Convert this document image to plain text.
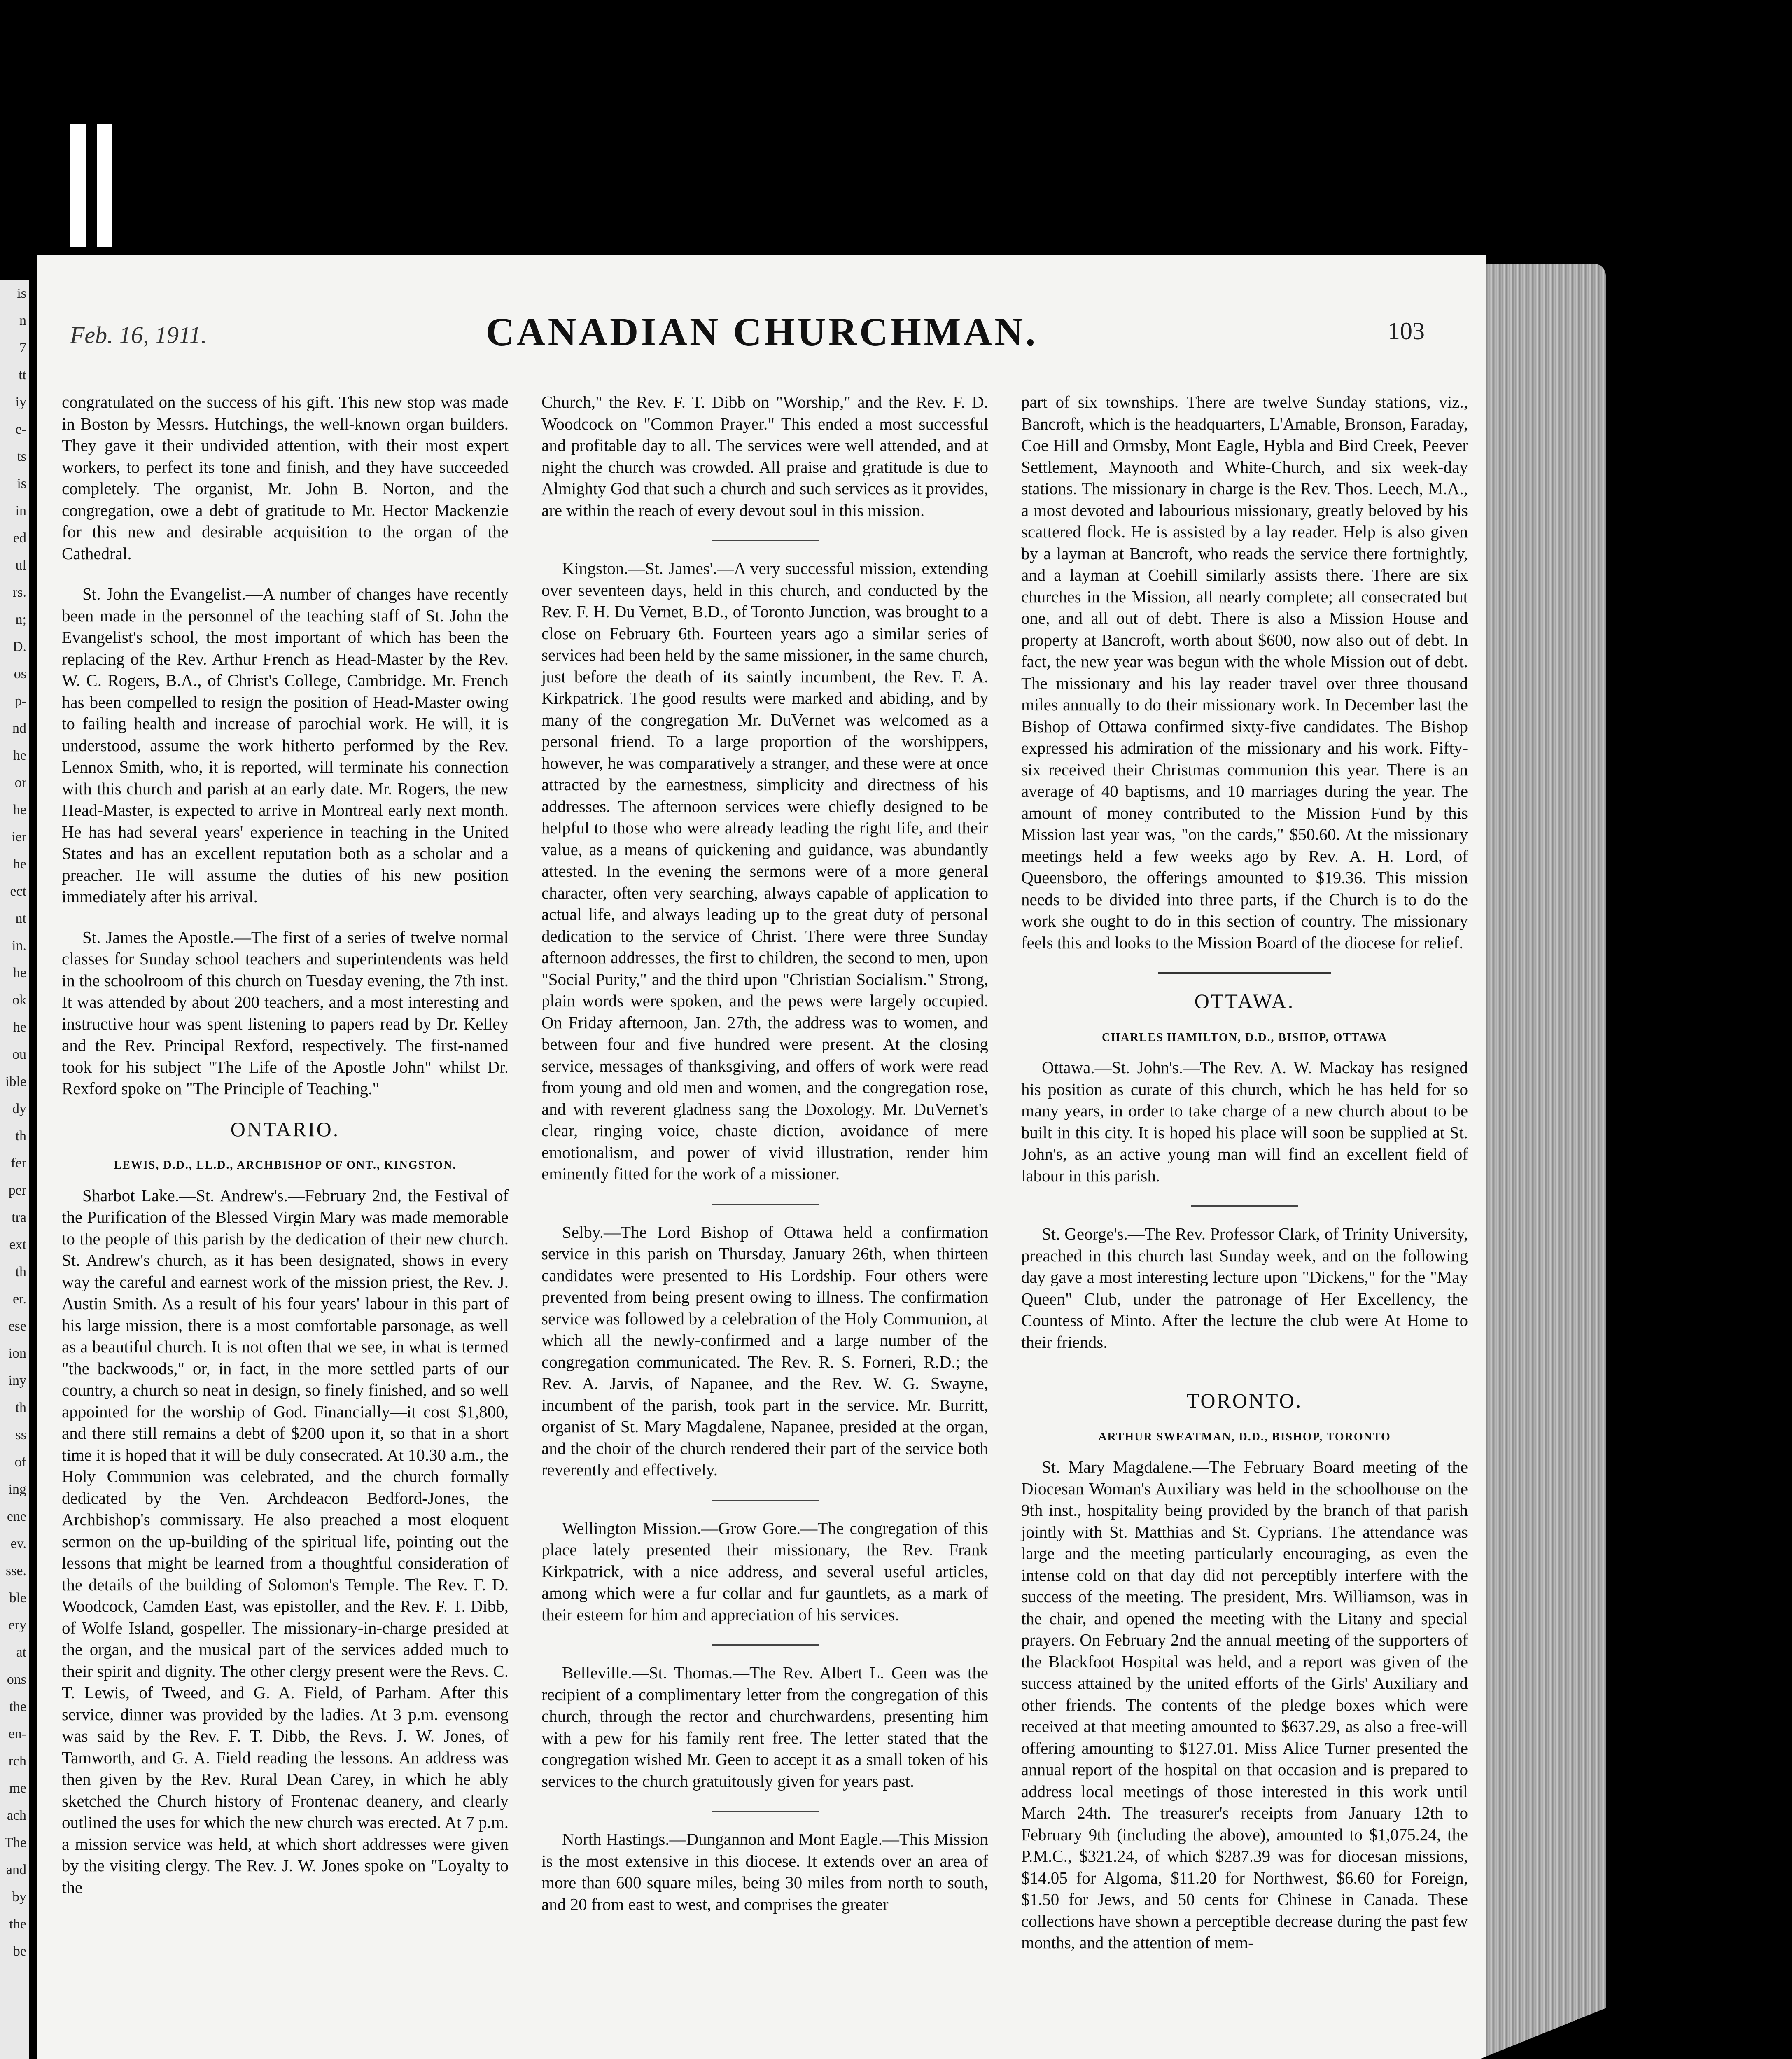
is
n
7
tt
iy
e-
ts
is
in
ed
ul
rs.
n;
D.
os
p-
nd
he
or
he
ier
he
ect
nt
in.
he
ok
he
ou
ible
dy
th
fer
per
tra
ext
th
er.
ese
ion
iny
th
ss
of
ing
ene
ev.
sse.
ble
ery
at
ons
the
en-
rch
me
ach
The
and
by
the
be
Feb. 16, 1911.	CANADIAN CHURCHMAN.	103

congratulated on the success of his gift. This new stop was made in Boston by Messrs. Hutchings, the well-known organ builders. They gave it their undivided attention, with their most expert workers, to perfect its tone and finish, and they have succeeded completely. The organist, Mr. John B. Norton, and the congregation, owe a debt of gratitude to Mr. Hector Mackenzie for this new and desirable acquisition to the organ of the Cathedral.

St. John the Evangelist.—A number of changes have recently been made in the personnel of the teaching staff of St. John the Evangelist's school, the most important of which has been the replacing of the Rev. Arthur French as Head-Master by the Rev. W. C. Rogers, B.A., of Christ's College, Cambridge. Mr. French has been compelled to resign the position of Head-Master owing to failing health and increase of parochial work. He will, it is understood, assume the work hitherto performed by the Rev. Lennox Smith, who, it is reported, will terminate his connection with this church and parish at an early date. Mr. Rogers, the new Head-Master, is expected to arrive in Montreal early next month. He has had several years' experience in teaching in the United States and has an excellent reputation both as a scholar and a preacher. He will assume the duties of his new position immediately after his arrival.

St. James the Apostle.—The first of a series of twelve normal classes for Sunday school teachers and superintendents was held in the schoolroom of this church on Tuesday evening, the 7th inst. It was attended by about 200 teachers, and a most interesting and instructive hour was spent listening to papers read by Dr. Kelley and the Rev. Principal Rexford, respectively. The first-named took for his subject "The Life of the Apostle John" whilst Dr. Rexford spoke on "The Principle of Teaching."

ONTARIO.
LEWIS, D.D., LL.D., ARCHBISHOP OF ONT., KINGSTON.

Sharbot Lake.—St. Andrew's.—February 2nd, the Festival of the Purification of the Blessed Virgin Mary was made memorable to the people of this parish by the dedication of their new church. St. Andrew's church, as it has been designated, shows in every way the careful and earnest work of the mission priest, the Rev. J. Austin Smith. As a result of his four years' labour in this part of his large mission, there is a most comfortable parsonage, as well as a beautiful church. It is not often that we see, in what is termed "the backwoods," or, in fact, in the more settled parts of our country, a church so neat in design, so finely finished, and so well appointed for the worship of God. Financially—it cost $1,800, and there still remains a debt of $200 upon it, so that in a short time it is hoped that it will be duly consecrated. At 10.30 a.m., the Holy Communion was celebrated, and the church formally dedicated by the Ven. Archdeacon Bedford-Jones, the Archbishop's commissary. He also preached a most eloquent sermon on the up-building of the spiritual life, pointing out the lessons that might be learned from a thoughtful consideration of the details of the building of Solomon's Temple. The Rev. F. D. Woodcock, Camden East, was epistoller, and the Rev. F. T. Dibb, of Wolfe Island, gospeller. The missionary-in-charge presided at the organ, and the musical part of the services added much to their spirit and dignity. The other clergy present were the Revs. C. T. Lewis, of Tweed, and G. A. Field, of Parham. After this service, dinner was provided by the ladies. At 3 p.m. evensong was said by the Rev. F. T. Dibb, the Revs. J. W. Jones, of Tamworth, and G. A. Field reading the lessons. An address was then given by the Rev. Rural Dean Carey, in which he ably sketched the Church history of Frontenac deanery, and clearly outlined the uses for which the new church was erected. At 7 p.m. a mission service was held, at which short addresses were given by the visiting clergy. The Rev. J. W. Jones spoke on "Loyalty to the

Church," the Rev. F. T. Dibb on "Worship," and the Rev. F. D. Woodcock on "Common Prayer." This ended a most successful and profitable day to all. The services were well attended, and at night the church was crowded. All praise and gratitude is due to Almighty God that such a church and such services as it provides, are within the reach of every devout soul in this mission.

Kingston.—St. James'.—A very successful mission, extending over seventeen days, held in this church, and conducted by the Rev. F. H. Du Vernet, B.D., of Toronto Junction, was brought to a close on February 6th. Fourteen years ago a similar series of services had been held by the same missioner, in the same church, just before the death of its saintly incumbent, the Rev. F. A. Kirkpatrick. The good results were marked and abiding, and by many of the congregation Mr. DuVernet was welcomed as a personal friend. To a large proportion of the worshippers, however, he was comparatively a stranger, and these were at once attracted by the earnestness, simplicity and directness of his addresses. The afternoon services were chiefly designed to be helpful to those who were already leading the right life, and their value, as a means of quickening and guidance, was abundantly attested. In the evening the sermons were of a more general character, often very searching, always capable of application to actual life, and always leading up to the great duty of personal dedication to the service of Christ. There were three Sunday afternoon addresses, the first to children, the second to men, upon "Social Purity," and the third upon "Christian Socialism." Strong, plain words were spoken, and the pews were largely occupied. On Friday afternoon, Jan. 27th, the address was to women, and between four and five hundred were present. At the closing service, messages of thanksgiving, and offers of work were read from young and old men and women, and the congregation rose, and with reverent gladness sang the Doxology. Mr. DuVernet's clear, ringing voice, chaste diction, avoidance of mere emotionalism, and power of vivid illustration, render him eminently fitted for the work of a missioner.

Selby.—The Lord Bishop of Ottawa held a confirmation service in this parish on Thursday, January 26th, when thirteen candidates were presented to His Lordship. Four others were prevented from being present owing to illness. The confirmation service was followed by a celebration of the Holy Communion, at which all the newly-confirmed and a large number of the congregation communicated. The Rev. R. S. Forneri, R.D.; the Rev. A. Jarvis, of Napanee, and the Rev. W. G. Swayne, incumbent of the parish, took part in the service. Mr. Burritt, organist of St. Mary Magdalene, Napanee, presided at the organ, and the choir of the church rendered their part of the service both reverently and effectively.

Wellington Mission.—Grow Gore.—The congregation of this place lately presented their missionary, the Rev. Frank Kirkpatrick, with a nice address, and several useful articles, among which were a fur collar and fur gauntlets, as a mark of their esteem for him and appreciation of his services.

Belleville.—St. Thomas.—The Rev. Albert L. Geen was the recipient of a complimentary letter from the congregation of this church, through the rector and churchwardens, presenting him with a pew for his family rent free. The letter stated that the congregation wished Mr. Geen to accept it as a small token of his services to the church gratuitously given for years past.

North Hastings.—Dungannon and Mont Eagle.—This Mission is the most extensive in this diocese. It extends over an area of more than 600 square miles, being 30 miles from north to south, and 20 from east to west, and comprises the greater

part of six townships. There are twelve Sunday stations, viz., Bancroft, which is the headquarters, L'Amable, Bronson, Faraday, Coe Hill and Ormsby, Mont Eagle, Hybla and Bird Creek, Peever Settlement, Maynooth and White-Church, and six week-day stations. The missionary in charge is the Rev. Thos. Leech, M.A., a most devoted and labourious missionary, greatly beloved by his scattered flock. He is assisted by a lay reader. Help is also given by a layman at Bancroft, who reads the service there fortnightly, and a layman at Coehill similarly assists there. There are six churches in the Mission, all nearly complete; all consecrated but one, and all out of debt. There is also a Mission House and property at Bancroft, worth about $600, now also out of debt. In fact, the new year was begun with the whole Mission out of debt. The missionary and his lay reader travel over three thousand miles annually to do their missionary work. In December last the Bishop of Ottawa confirmed sixty-five candidates. The Bishop expressed his admiration of the missionary and his work. Fifty-six received their Christmas communion this year. There is an average of 40 baptisms, and 10 marriages during the year. The amount of money contributed to the Mission Fund by this Mission last year was, "on the cards," $50.60. At the missionary meetings held a few weeks ago by Rev. A. H. Lord, of Queensboro, the offerings amounted to $19.36. This mission needs to be divided into three parts, if the Church is to do the work she ought to do in this section of country. The missionary feels this and looks to the Mission Board of the diocese for relief.

OTTAWA.
CHARLES HAMILTON, D.D., BISHOP, OTTAWA

Ottawa.—St. John's.—The Rev. A. W. Mackay has resigned his position as curate of this church, which he has held for so many years, in order to take charge of a new church about to be built in this city. It is hoped his place will soon be supplied at St. John's, as an active young man will find an excellent field of labour in this parish.

St. George's.—The Rev. Professor Clark, of Trinity University, preached in this church last Sunday week, and on the following day gave a most interesting lecture upon "Dickens," for the "May Queen" Club, under the patronage of Her Excellency, the Countess of Minto. After the lecture the club were At Home to their friends.

TORONTO.
ARTHUR SWEATMAN, D.D., BISHOP, TORONTO

St. Mary Magdalene.—The February Board meeting of the Diocesan Woman's Auxiliary was held in the schoolhouse on the 9th inst., hospitality being provided by the branch of that parish jointly with St. Matthias and St. Cyprians. The attendance was large and the meeting particularly encouraging, as even the intense cold on that day did not perceptibly interfere with the success of the meeting. The president, Mrs. Williamson, was in the chair, and opened the meeting with the Litany and special prayers. On February 2nd the annual meeting of the supporters of the Blackfoot Hospital was held, and a report was given of the success attained by the united efforts of the Girls' Auxiliary and other friends. The contents of the pledge boxes which were received at that meeting amounted to $637.29, as also a free-will offering amounting to $127.01. Miss Alice Turner presented the annual report of the hospital on that occasion and is prepared to address local meetings of those interested in this work until March 24th. The treasurer's receipts from January 12th to February 9th (including the above), amounted to $1,075.24, the P.M.C., $321.24, of which $287.39 was for diocesan missions, $14.05 for Algoma, $11.20 for Northwest, $6.60 for Foreign, $1.50 for Jews, and 50 cents for Chinese in Canada. These collections have shown a perceptible decrease during the past few months, and the attention of mem-
